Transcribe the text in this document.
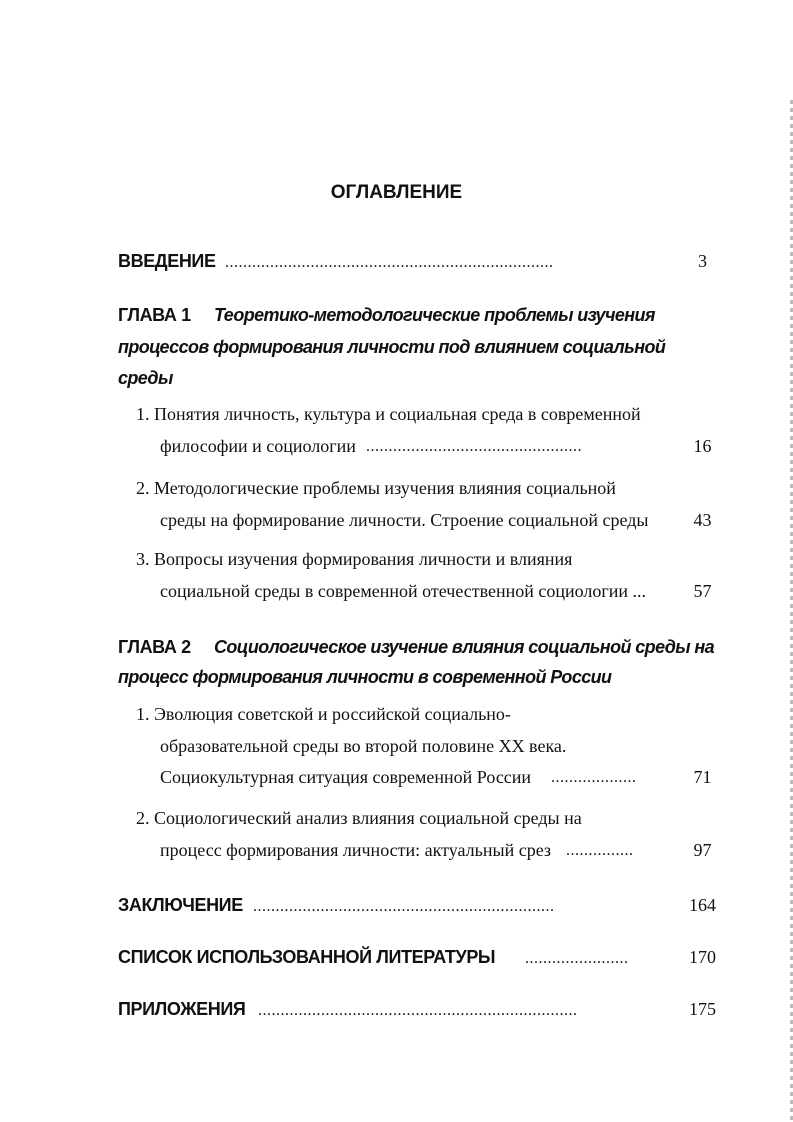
ОГЛАВЛЕНИЕ
ВВЕДЕНИЕ .........................................................................	3
ГЛАВА 1 Теоретико-методологические проблемы изучения
процессов формирования личности под влиянием социальной
среды
1. Понятия личность, культура и социальная среда в современной
философии и социологии ................................................	16
2. Методологические проблемы изучения влияния социальной
среды на формирование личности. Строение социальной среды	43
3. Вопросы изучения формирования личности и влияния
социальной среды в современной отечественной социологии ...	57
ГЛАВА 2 Социологическое изучение влияния социальной среды на
процесс формирования личности в современной России
1. Эволюция советской и российской социально-
образовательной среды во второй половине XX века.
Социокультурная ситуация современной России ...................	71
2. Социологический анализ влияния социальной среды на
процесс формирования личности: актуальный срез ...............	97
ЗАКЛЮЧЕНИЕ ...................................................................	164
СПИСОК ИСПОЛЬЗОВАННОЙ ЛИТЕРАТУРЫ .......................	170
ПРИЛОЖЕНИЯ .......................................................................	175
